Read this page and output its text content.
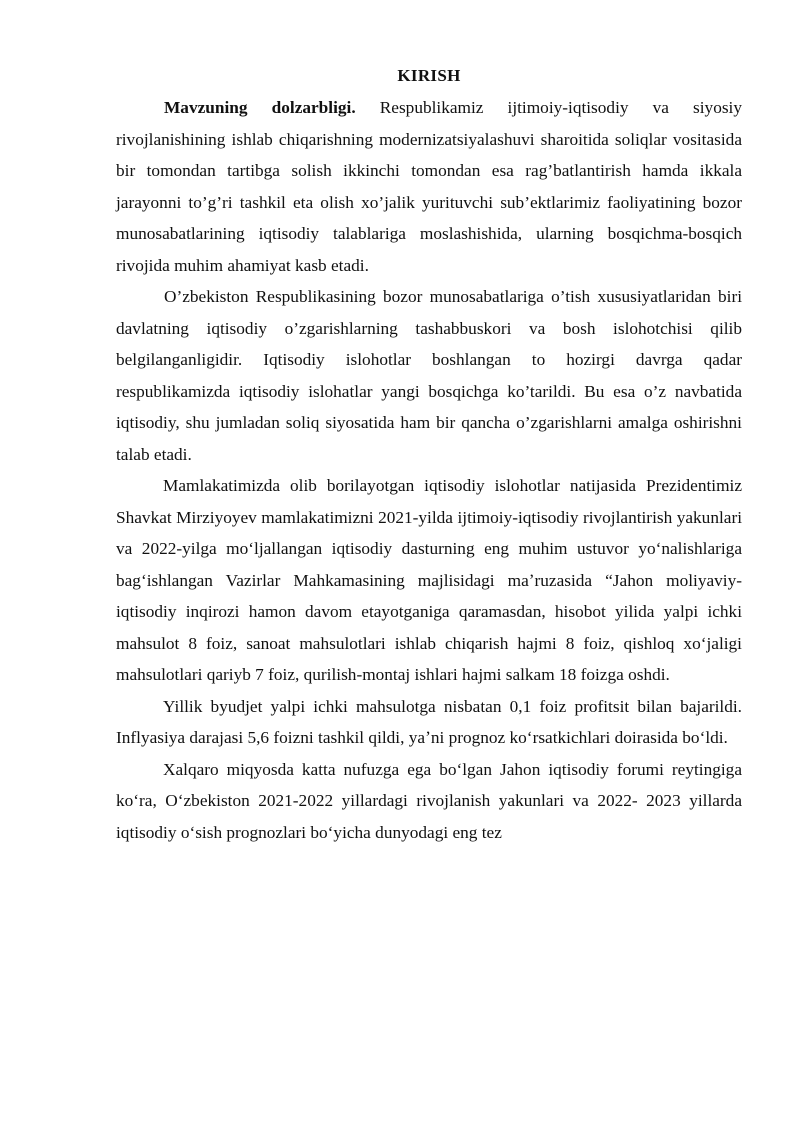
KIRISH

Mavzuning dolzarbligi. Respublikamiz ijtimoiy-iqtisodiy va siyosiy rivojlanishining ishlab chiqarishning modernizatsiyalashuvi sharoitida soliqlar vositasida bir tomondan tartibga solish ikkinchi tomondan esa rag’batlantirish hamda ikkala jarayonni to’g’ri tashkil eta olish xo’jalik yurituvchi sub’ektlarimiz faoliyatining bozor munosabatlarining iqtisodiy talablariga moslashishida, ularning bosqichma-bosqich rivojida muhim ahamiyat kasb etadi.

O’zbekiston Respublikasining bozor munosabatlariga o’tish xususiyatlaridan biri davlatning iqtisodiy o’zgarishlarning tashabbuskori va bosh islohotchisi qilib belgilanganligidir. Iqtisodiy islohotlar boshlangan to hozirgi davrga qadar respublikamizda iqtisodiy islohatlar yangi bosqichga ko’tarildi. Bu esa o’z navbatida iqtisodiy, shu jumladan soliq siyosatida ham bir qancha o’zgarishlarni amalga oshirishni talab etadi.

Mamlakatimizda olib borilayotgan iqtisodiy islohotlar natijasida Prezidentimiz Shavkat Mirziyoyev mamlakatimizni 2021-yilda ijtimoiy-iqtisodiy rivojlantirish yakunlari va 2022-yilga moʻljallangan iqtisodiy dasturning eng muhim ustuvor yoʻnalishlariga bagʻishlangan Vazirlar Mahkamasining majlisidagi maʼruzasida “Jahon moliyaviy-iqtisodiy inqirozi hamon davom etayotganiga qaramasdan, hisobot yilida yalpi ichki mahsulot 8 foiz, sanoat mahsulotlari ishlab chiqarish hajmi 8 foiz, qishloq xoʻjaligi mahsulotlari qariyb 7 foiz, qurilish-montaj ishlari hajmi salkam 18 foizga oshdi.

Yillik byudjet yalpi ichki mahsulotga nisbatan 0,1 foiz profitsit bilan bajarildi. Inflyasiya darajasi 5,6 foizni tashkil qildi, yaʼni prognoz koʻrsatkichlari doirasida boʻldi.

Xalqaro miqyosda katta nufuzga ega boʻlgan Jahon iqtisodiy forumi reytingiga koʻra, Oʻzbekiston 2021-2022 yillardagi rivojlanish yakunlari va 2022- 2023 yillarda iqtisodiy oʻsish prognozlari boʻyicha dunyodagi eng tez
